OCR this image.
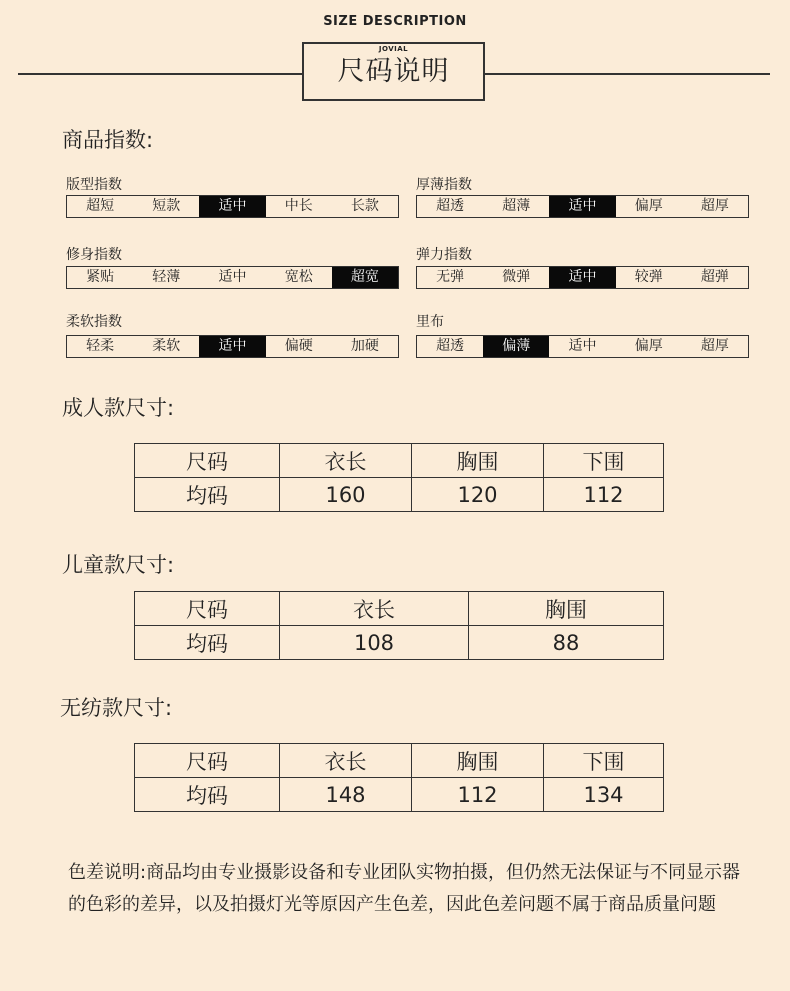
SIZE DESCRIPTION
JOVIAL
尺码说明
商品指数:
版型指数
超短	短款	适中	中长	长款
厚薄指数
超透	超薄	适中	偏厚	超厚
修身指数
紧贴	轻薄	适中	宽松	超宽
弹力指数
无弹	微弹	适中	较弹	超弹
柔软指数
轻柔	柔软	适中	偏硬	加硬
里布
超透	偏薄	适中	偏厚	超厚
成人款尺寸:
尺码	衣长	胸围	下围
均码	160	120	112
儿童款尺寸:
尺码	衣长	胸围
均码	108	88
无纺款尺寸:
尺码	衣长	胸围	下围
均码	148	112	134
色差说明:商品均由专业摄影设备和专业团队实物拍摄，但仍然无法保证与不同显示器的色彩的差异，以及拍摄灯光等原因产生色差，因此色差问题不属于商品质量问题
